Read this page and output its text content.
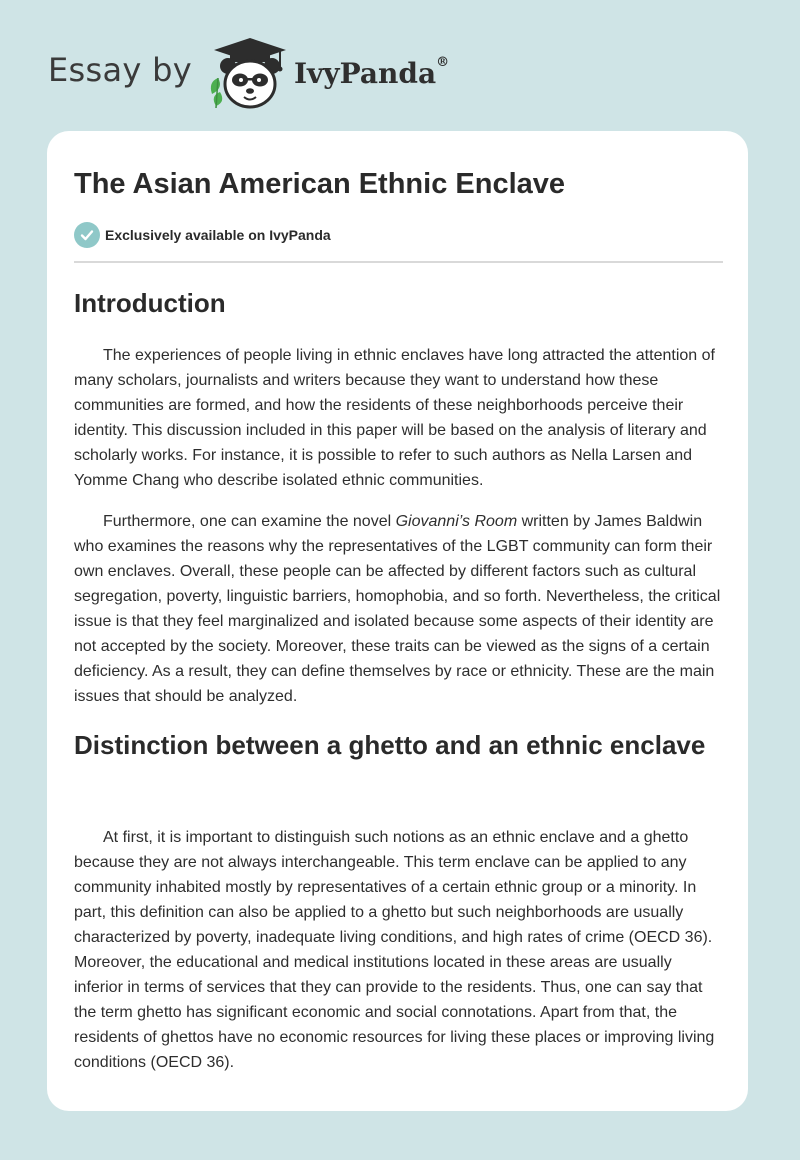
Essay by	IvyPanda®
The Asian American Ethnic Enclave
Exclusively available on IvyPanda
Introduction

The experiences of people living in ethnic enclaves have long attracted the attention of many scholars, journalists and writers because they want to understand how these communities are formed, and how the residents of these neighborhoods perceive their identity. This discussion included in this paper will be based on the analysis of literary and scholarly works. For instance, it is possible to refer to such authors as Nella Larsen and Yomme Chang who describe isolated ethnic communities.

Furthermore, one can examine the novel Giovanni’s Room written by James Baldwin who examines the reasons why the representatives of the LGBT community can form their own enclaves. Overall, these people can be affected by different factors such as cultural segregation, poverty, linguistic barriers, homophobia, and so forth. Nevertheless, the critical issue is that they feel marginalized and isolated because some aspects of their identity are not accepted by the society. Moreover, these traits can be viewed as the signs of a certain deficiency. As a result, they can define themselves by race or ethnicity. These are the main issues that should be analyzed.

Distinction between a ghetto and an ethnic enclave

At first, it is important to distinguish such notions as an ethnic enclave and a ghetto because they are not always interchangeable. This term enclave can be applied to any community inhabited mostly by representatives of a certain ethnic group or a minority. In part, this definition can also be applied to a ghetto but such neighborhoods are usually characterized by poverty, inadequate living conditions, and high rates of crime (OECD 36). Moreover, the educational and medical institutions located in these areas are usually inferior in terms of services that they can provide to the residents. Thus, one can say that the term ghetto has significant economic and social connotations. Apart from that, the residents of ghettos have no economic resources for living these places or improving living conditions (OECD 36).
